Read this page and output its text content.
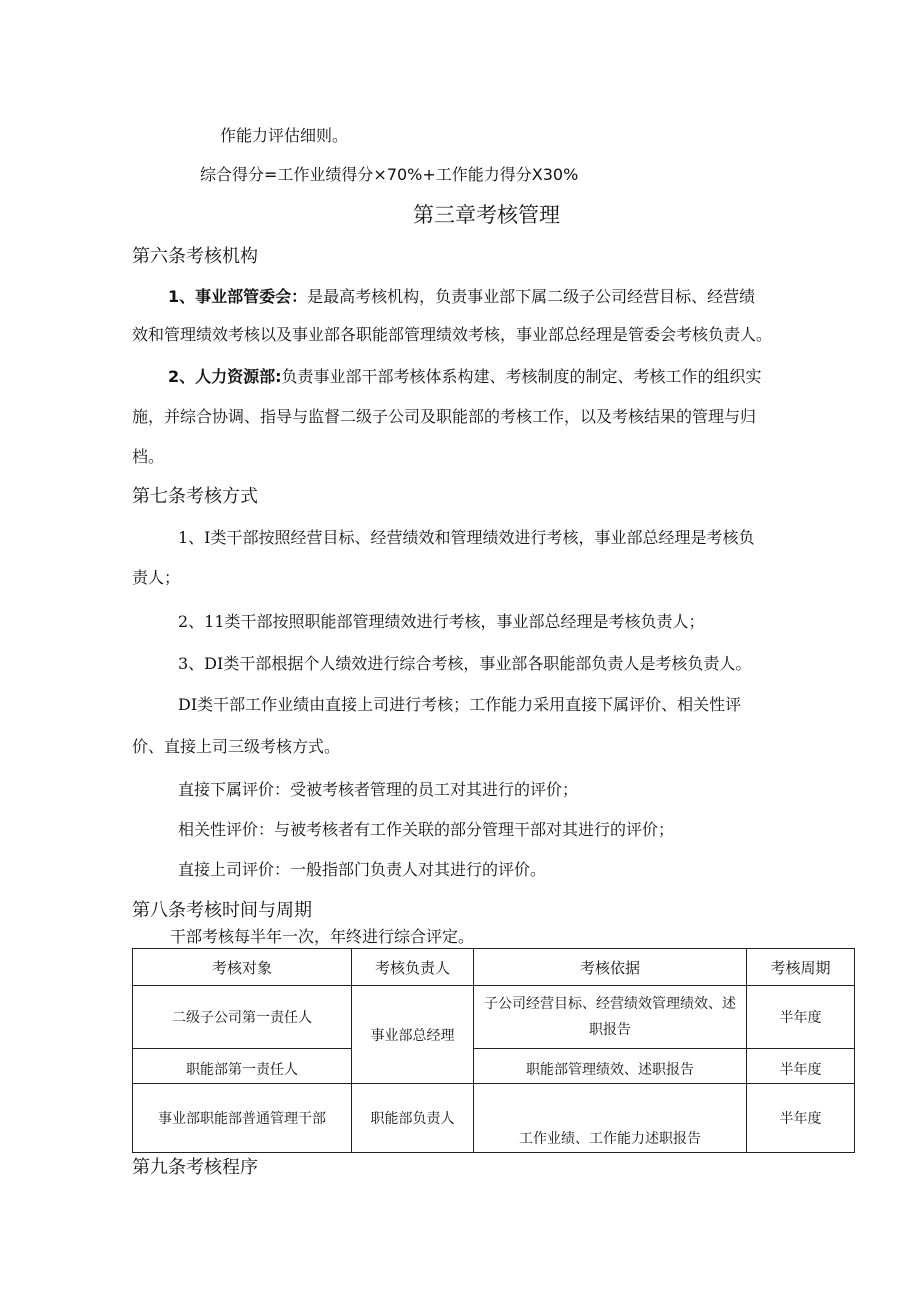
作能力评估细则。
综合得分=工作业绩得分×70%+工作能力得分X30%
第三章考核管理
第六条考核机构
1、事业部管委会：是最高考核机构，负责事业部下属二级子公司经营目标、经营绩
效和管理绩效考核以及事业部各职能部管理绩效考核，事业部总经理是管委会考核负责人。
2、人力资源部:负责事业部干部考核体系构建、考核制度的制定、考核工作的组织实
施，并综合协调、指导与监督二级子公司及职能部的考核工作，以及考核结果的管理与归
档。
第七条考核方式
1、I类干部按照经营目标、经营绩效和管理绩效进行考核，事业部总经理是考核负
责人；
2、11类干部按照职能部管理绩效进行考核，事业部总经理是考核负责人；
3、DI类干部根据个人绩效进行综合考核，事业部各职能部负责人是考核负责人。
DI类干部工作业绩由直接上司进行考核；工作能力采用直接下属评价、相关性评
价、直接上司三级考核方式。
直接下属评价：受被考核者管理的员工对其进行的评价；
相关性评价：与被考核者有工作关联的部分管理干部对其进行的评价；
直接上司评价：一般指部门负责人对其进行的评价。
第八条考核时间与周期
干部考核每半年一次，年终进行综合评定。
考核对象	考核负责人	考核依据	考核周期
二级子公司第一责任人	事业部总经理	子公司经营目标、经营绩效管理绩效、述职报告	半年度
职能部第一责任人		职能部管理绩效、述职报告	半年度
事业部职能部普通管理干部	职能部负责人	工作业绩、工作能力述职报告	半年度
第九条考核程序
